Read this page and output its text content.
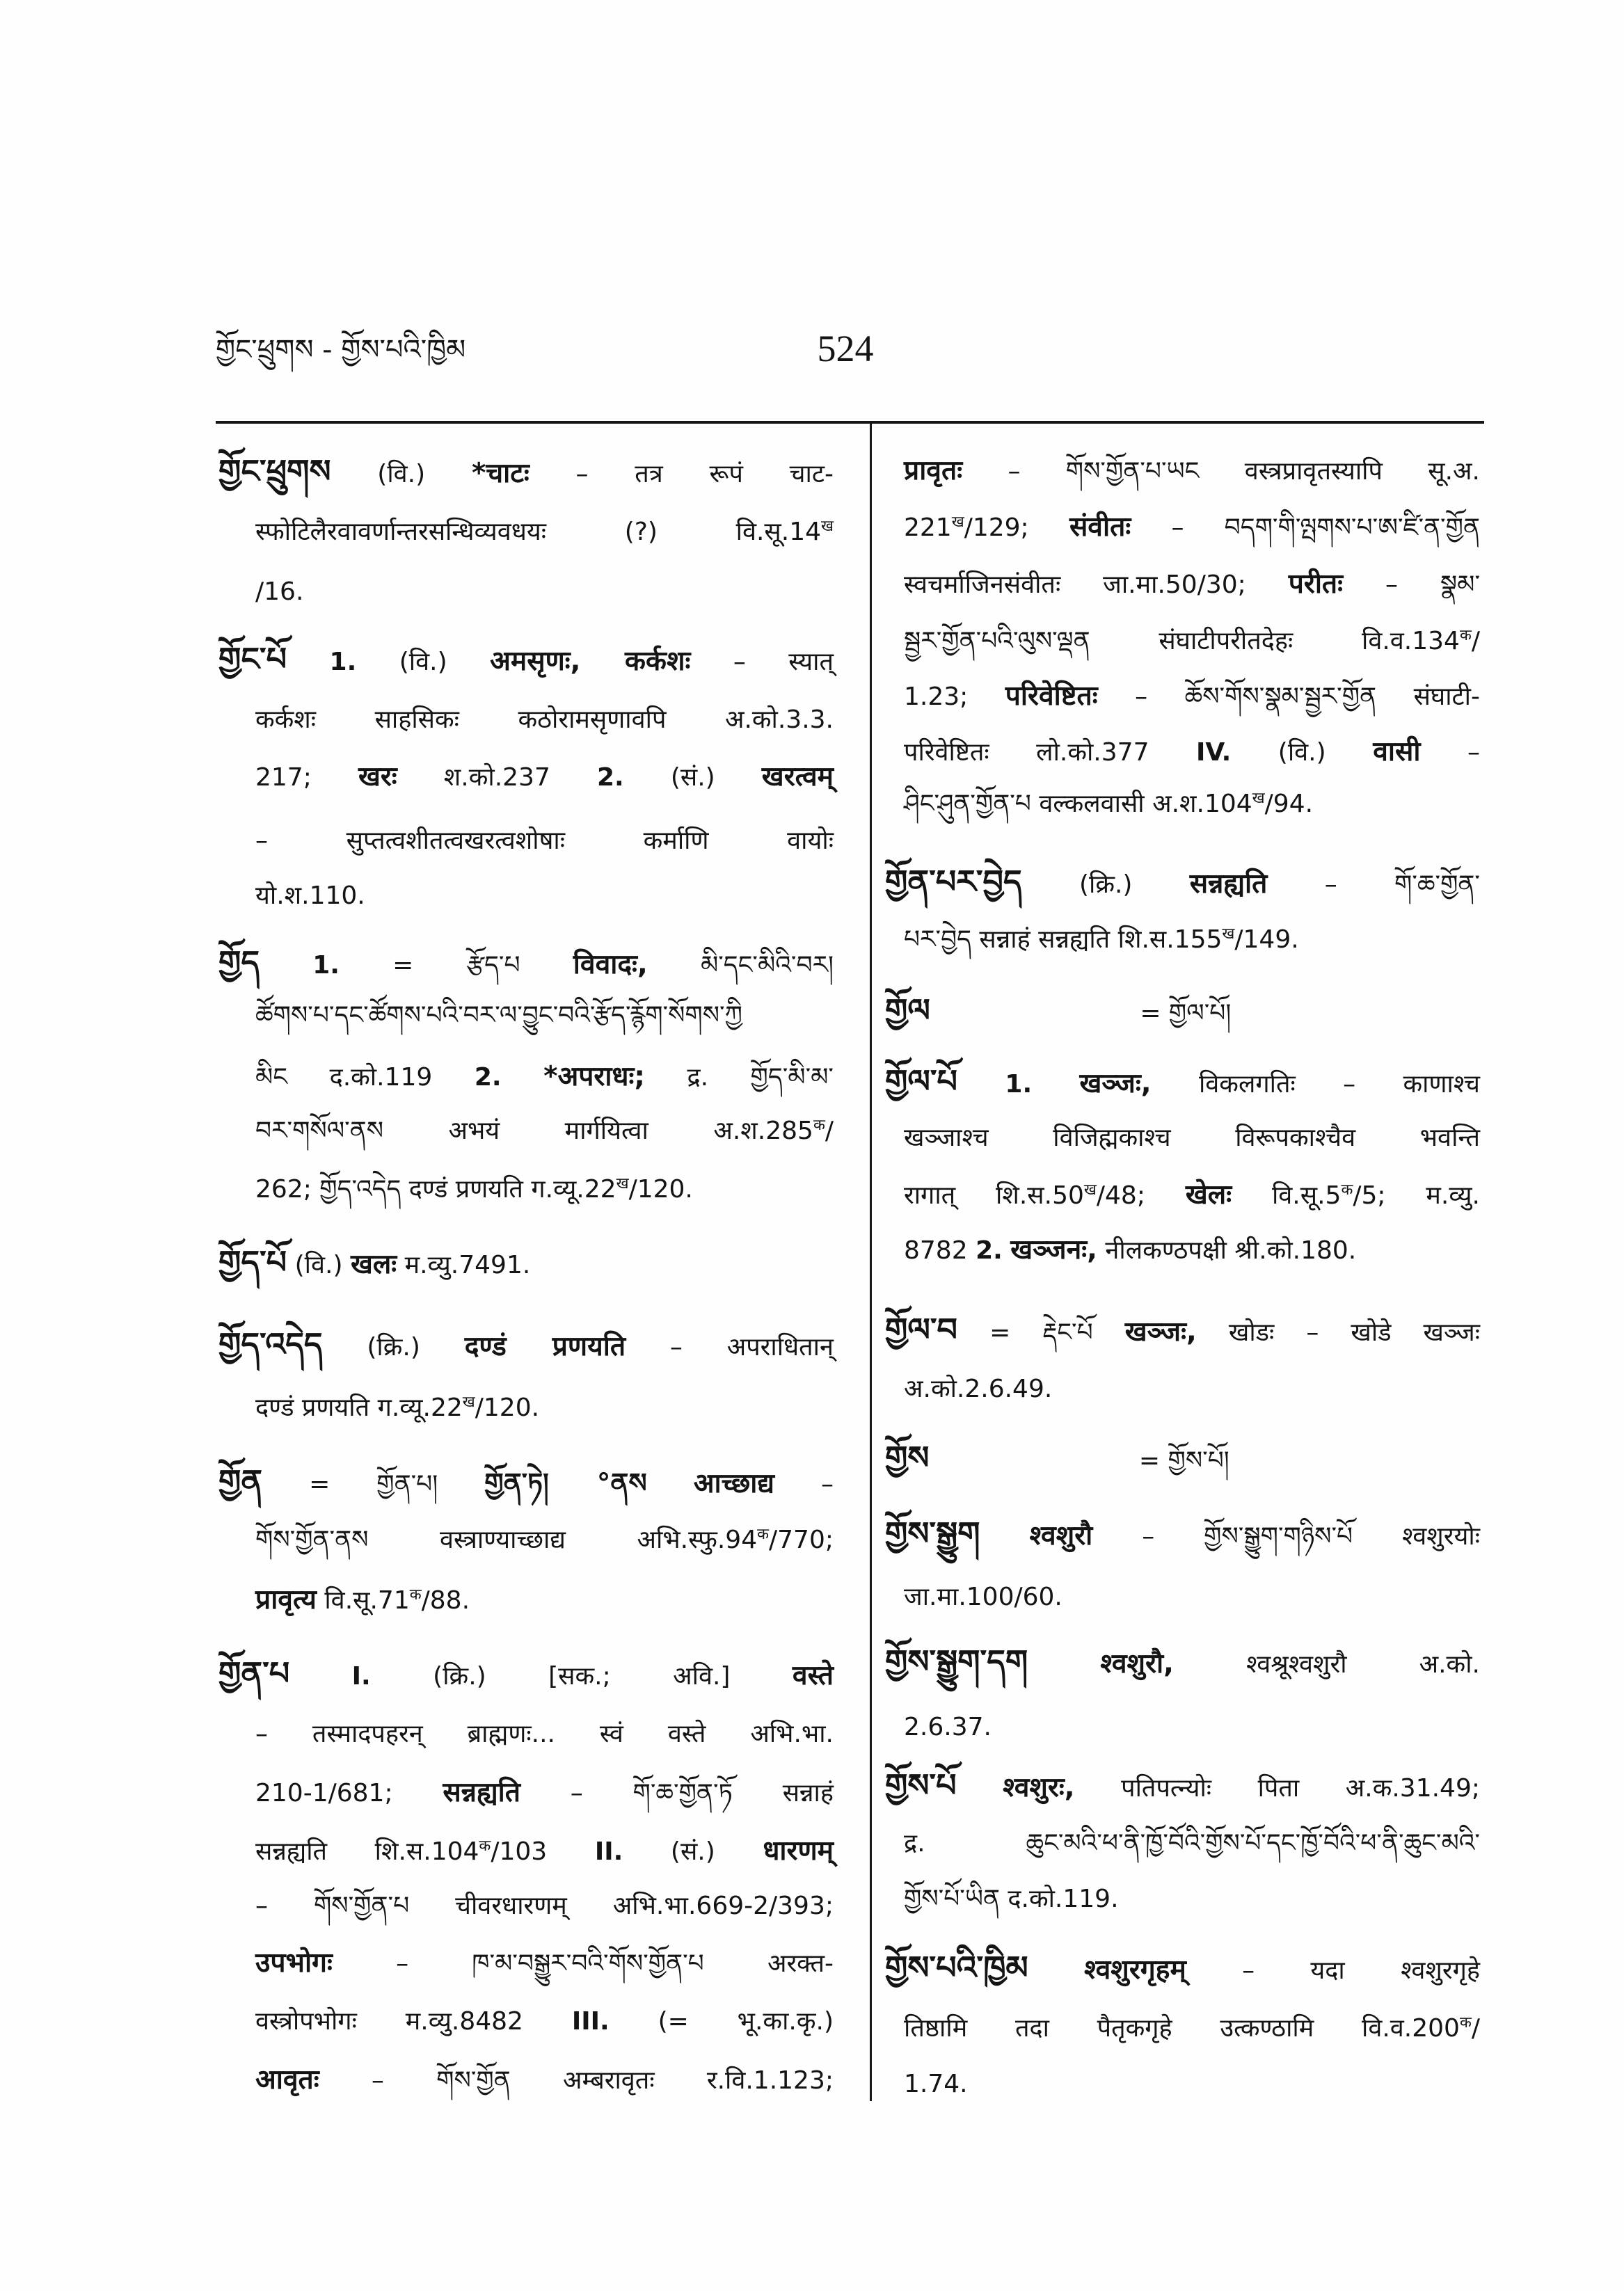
གྱོང་ཕྲུགས - གྱོས་པའི་ཁྱིམ	524
གྱོང་ཕྲུགས (वि.) *चाटः – तत्र रूपं चाट-
स्फोटिलैरवावर्णान्तरसन्धिव्यवधयः (?) $वि.सू.14^ख$
/16.
གྱོང་པོ 1. (वि.) अमसृणः, कर्कशः – स्यात्
कर्कशः साहसिकः कठोरामसृणावपि अ.को.3.3.
217; खरः श.को.237 2. (सं.) खरत्वम्
– सुप्तत्वशीतत्वखरत्वशोषाः कर्माणि वायोः
यो.श.110.
གྱོད 1. = རྩོད་པ विवादः, མི་དང་མིའི་བར།
ཚོགས་པ་དང་ཚོགས་པའི་བར་ལ་བྱུང་བའི་རྩོད་རྙོག་སོགས་ཀྱི
མིང द.को.119 2. *अपराधः; द्र. གྱོད་མི་མ་
བར་གསོལ་ནས अभयं मार्गयित्वा $अ.श.285^क/$
262; གྱོད་འདེད दण्डं प्रणयति $ग.व्यू.22^ख/120$.
གྱོད་པོ (वि.) खलः म.व्यु.7491.
གྱོད་འདེད (क्रि.) दण्डं प्रणयति – अपराधितान्
दण्डं प्रणयति $ग.व्यू.22^ख/120$.
གྱོན = གྱོན་པ། གྱོན་ཏེ། °ནས आच्छाद्य –
གོས་གྱོན་ནས वस्त्राण्याच्छाद्य $अभि.स्फु.94^क/770$;
प्रावृत्य $वि.सू.71^क/88$.
གྱོན་པ I. (क्रि.) [सक.; अवि.] वस्ते
– तस्मादपहरन् ब्राह्मणः... स्वं वस्ते अभि.भा.
210-1/681; सन्नह्यति – གོ་ཆ་གྱོན་ཏོ सन्नाहं
सन्नह्यति $शि.स.104^क/103$ II. (सं.) धारणम्
– གོས་གྱོན་པ चीवरधारणम् अभि.भा.669-2/393;
उपभोगः	– ཁ་མ་བསྒྱུར་བའི་གོས་གྱོན་པ अरक्त-
वस्त्रोपभोगः म.व्यु.8482 III. (= भू.का.कृ.)
आवृतः – གོས་གྱོན अम्बरावृतः र.वि.1.123;
प्रावृतः – གོས་གྱོན་པ་ཡང वस्त्रप्रावृतस्यापि सू.अ.
$221^ख/129$; संवीतः – བདག་གི་ལྤགས་པ་ཨ་ཛི་ན་གྱོན
स्वचर्माजिनसंवीतः जा.मा.50/30; परीतः – སྣམ་
སྦྱར་གྱོན་པའི་ལུས་ལྡན संघाटीपरीतदेहः $वि.व.134^क/$
1.23; परिवेष्टितः – ཆོས་གོས་སྣམ་སྦྱར་གྱོན संघाटी-
परिवेष्टितः लो.को.377 IV. (वि.) वासी –
ཤིང་ཤུན་གྱོན་པ वल्कलवासी $अ.श.104^ख/94$.
གྱོན་པར་བྱེད (क्रि.) सन्नह्यति – གོ་ཆ་གྱོན་
པར་བྱེད सन्नाहं सन्नह्यति $शि.स.155^ख/149$.
གྱོལ	= གྱོལ་པོ།
གྱོལ་པོ 1. खञ्जः, विकलगतिः – काणाश्च
खञ्जाश्च विजिह्मकाश्च विरूपकाश्चैव भवन्ति
रागात् $शि.स.50^ख/48$; खेलः $वि.सू.5^क/5$; म.व्यु.
8782 2. खञ्जनः, नीलकण्ठपक्षी श्री.को.180.
གྱོལ་བ = རྡེང་པོ खञ्जः, खोडः – खोडे खञ्जः
अ.को.2.6.49.
གྱོས	= གྱོས་པོ།
གྱོས་སྒྱུག श्वशुरौ – གྱོས་སྒྱུག་གཉིས་པོ श्वशुरयोः
जा.मा.100/60.
གྱོས་སྒྱུག་དག	श्वशुरौ,	श्वश्रूश्वशुरौ अ.को.
2.6.37.
གྱོས་པོ श्वशुरः, पतिपत्न्योः पिता अ.क.31.49;
द्र. ཆུང་མའི་ཕ་ནི་ཁྱོ་བོའི་གྱོས་པོ་དང་ཁྱོ་བོའི་ཕ་ནི་ཆུང་མའི་
གྱོས་པོ་ཡིན द.को.119.
གྱོས་པའི་ཁྱིམ श्वशुरगृहम् – यदा श्वशुरगृहे
तिष्ठामि तदा पैतृकगृहे उत्कण्ठामि $वि.व.200^क/$
1.74.
